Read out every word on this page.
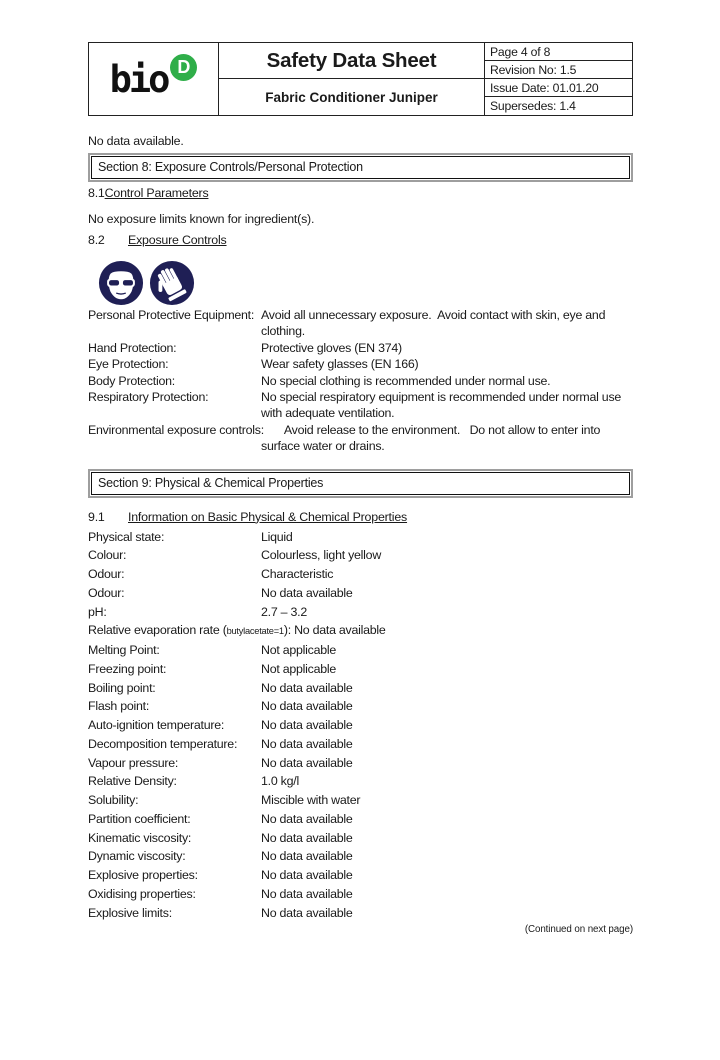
bio D	Safety Data Sheet
Fabric Conditioner Juniper
Page 4 of 8
Revision No: 1.5
Issue Date: 01.01.20
Supersedes: 1.4
No data available.
Section 8: Exposure Controls/Personal Protection
8.1Control Parameters
No exposure limits known for ingredient(s).
8.2 Exposure Controls
Personal Protective Equipment: Avoid all unnecessary exposure.  Avoid contact with skin, eye and clothing.
Hand Protection:	Protective gloves (EN 374)
Eye Protection:	Wear safety glasses (EN 166)
Body Protection:	No special clothing is recommended under normal use.
Respiratory Protection:	No special respiratory equipment is recommended under normal use with adequate ventilation.
Environmental exposure controls: Avoid release to the environment.   Do not allow to enter into surface water or drains.
Section 9: Physical & Chemical Properties
9.1 Information on Basic Physical & Chemical Properties
Physical state:	Liquid
Colour:	Colourless, light yellow
Odour:	Characteristic
Odour:	No data available
pH:	2.7 – 3.2
Relative evaporation rate (butylacetate=1): No data available
Melting Point:	Not applicable
Freezing point:	Not applicable
Boiling point:	No data available
Flash point:	No data available
Auto-ignition temperature:	No data available
Decomposition temperature:	No data available
Vapour pressure:	No data available
Relative Density:	1.0 kg/l
Solubility:	Miscible with water
Partition coefficient:	No data available
Kinematic viscosity:	No data available
Dynamic viscosity:	No data available
Explosive properties:	No data available
Oxidising properties:	No data available
Explosive limits:	No data available
(Continued on next page)
